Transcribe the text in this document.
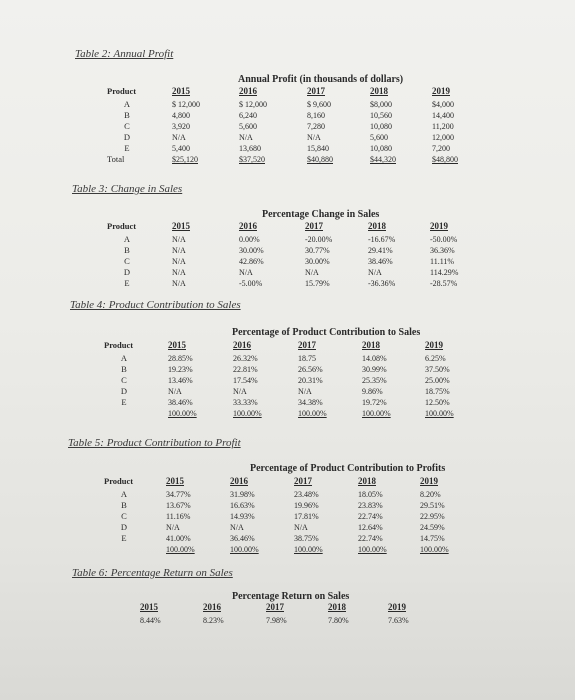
Table 2: Annual Profit
Annual Profit (in thousands of dollars)
Product
A
B
C
D
E
Total
2015
$ 12,000
4,800
3,920
N/A
5,400
$25,120
2016
$ 12,000
6,240
5,600
N/A
13,680
$37,520
2017
$ 9,600
8,160
7,280
N/A
15,840
$40,880
2018
$8,000
10,560
10,080
5,600
10,080
$44,320
2019
$4,000
14,400
11,200
12,000
7,200
$48,800
Table 3: Change in Sales
Percentage Change in Sales
Product
A
B
C
D
E
2015
N/A
N/A
N/A
N/A
N/A
2016
0.00%
30.00%
42.86%
N/A
-5.00%
2017
-20.00%
30.77%
30.00%
N/A
15.79%
2018
-16.67%
29.41%
38.46%
N/A
-36.36%
2019
-50.00%
36.36%
11.11%
114.29%
-28.57%
Table 4: Product Contribution to Sales
Percentage of Product Contribution to Sales
Product
A
B
C
D
E
2015
28.85%
19.23%
13.46%
N/A
38.46%
100.00%
2016
26.32%
22.81%
17.54%
N/A
33.33%
100.00%
2017
18.75
26.56%
20.31%
N/A
34.38%
100.00%
2018
14.08%
30.99%
25.35%
9.86%
19.72%
100.00%
2019
6.25%
37.50%
25.00%
18.75%
12.50%
100.00%
Table 5: Product Contribution to Profit
Percentage of Product Contribution to Profits
Product
A
B
C
D
E
2015
34.77%
13.67%
11.16%
N/A
41.00%
100.00%
2016
31.98%
16.63%
14.93%
N/A
36.46%
100.00%
2017
23.48%
19.96%
17.81%
N/A
38.75%
100.00%
2018
18.05%
23.83%
22.74%
12.64%
22.74%
100.00%
2019
8.20%
29.51%
22.95%
24.59%
14.75%
100.00%
Table 6: Percentage Return on Sales
Percentage Return on Sales
2015
8.44%
2016
8.23%
2017
7.98%
2018
7.80%
2019
7.63%
